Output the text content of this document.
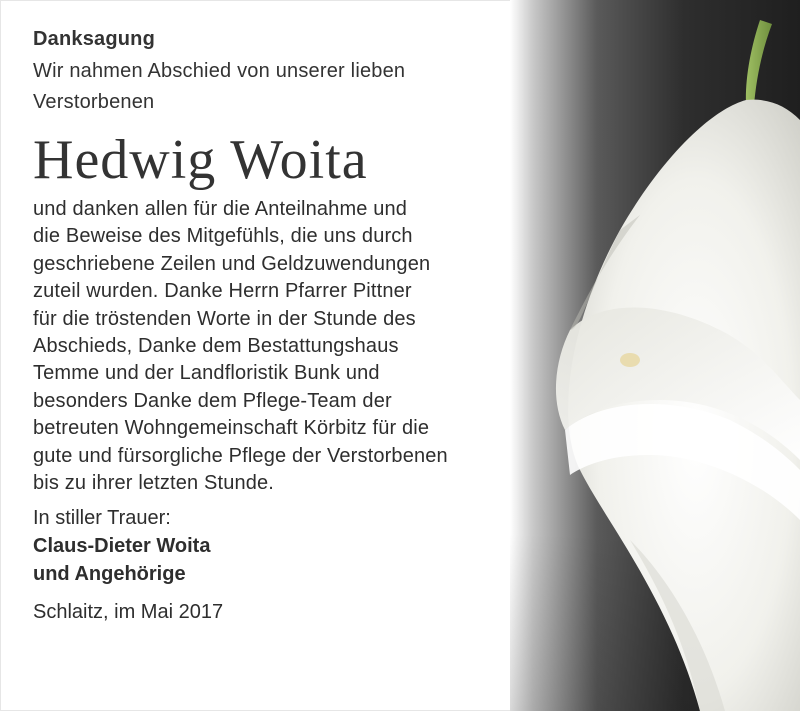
Danksagung

Wir nahmen Abschied von unserer lieben

Verstorbenen

Hedwig Woita

und danken allen für die Anteilnahme und

die Beweise des Mitgefühls, die uns durch

geschriebene Zeilen und Geldzuwendungen

zuteil wurden. Danke Herrn Pfarrer Pittner

für die tröstenden Worte in der Stunde des

Abschieds, Danke dem Bestattungshaus

Temme und der Landfloristik Bunk und

besonders Danke dem Pflege-Team der

betreuten Wohngemeinschaft Körbitz für die

gute und fürsorgliche Pflege der Verstorbenen

bis zu ihrer letzten Stunde.

In stiller Trauer:

Claus-Dieter Woita

und Angehörige

Schlaitz, im Mai 2017
